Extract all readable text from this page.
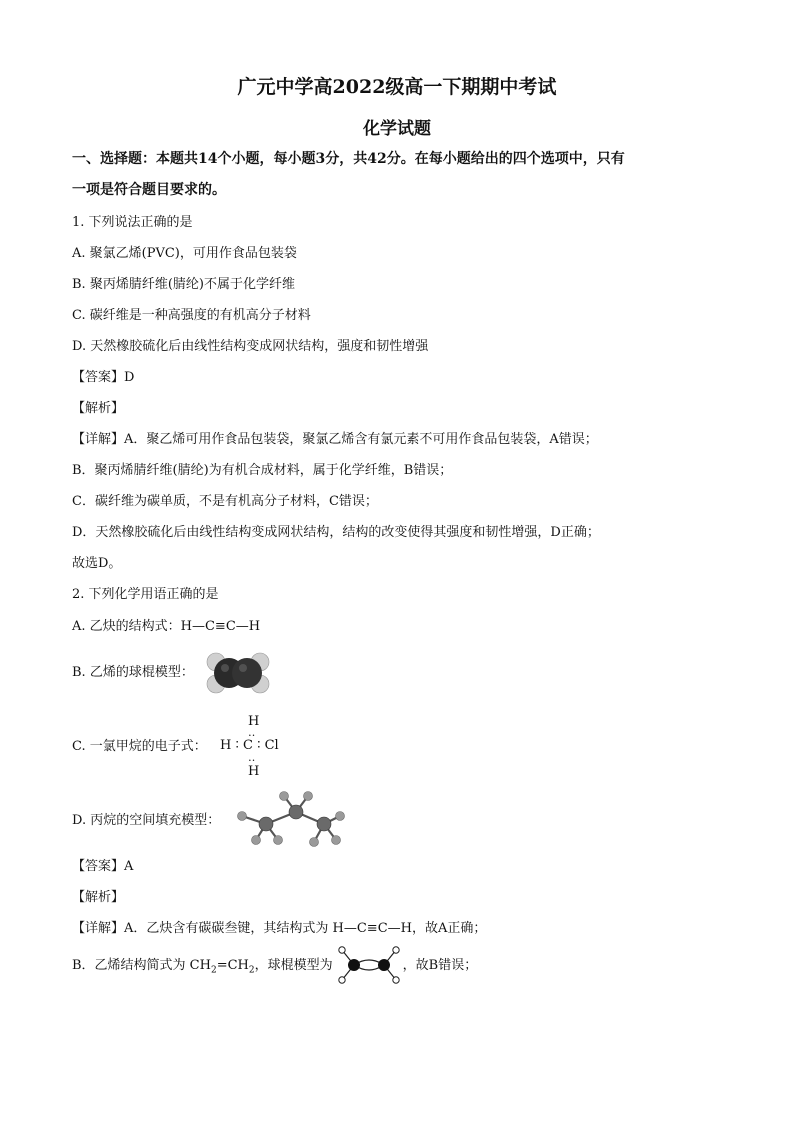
广元中学高2022级高一下期期中考试
化学试题
一、选择题：本题共14个小题，每小题3分，共42分。在每小题给出的四个选项中，只有
一项是符合题目要求的。
1. 下列说法正确的是
A. 聚氯乙烯(PVC)，可用作食品包装袋
B. 聚丙烯腈纤维(腈纶)不属于化学纤维
C. 碳纤维是一种高强度的有机高分子材料
D. 天然橡胶硫化后由线性结构变成网状结构，强度和韧性增强
【答案】D
【解析】
【详解】A．聚乙烯可用作食品包装袋，聚氯乙烯含有氯元素不可用作食品包装袋，A错误；
B．聚丙烯腈纤维(腈纶)为有机合成材料，属于化学纤维，B错误；
C．碳纤维为碳单质，不是有机高分子材料，C错误；
D．天然橡胶硫化后由线性结构变成网状结构，结构的改变使得其强度和韧性增强，D正确；
故选D。
2. 下列化学用语正确的是
A. 乙炔的结构式：H—C≡C—H
B. 乙烯的球棍模型：
C. 一氯甲烷的电子式：
H
‥
H ∶ C ∶ Cl
‥
H
D. 丙烷的空间填充模型：
【答案】A
【解析】
【详解】A．乙炔含有碳碳叁键，其结构式为 H—C≡C—H，故A正确；
B．乙烯结构简式为 $CH_2=CH_2$，球棍模型为	，故B错误；
